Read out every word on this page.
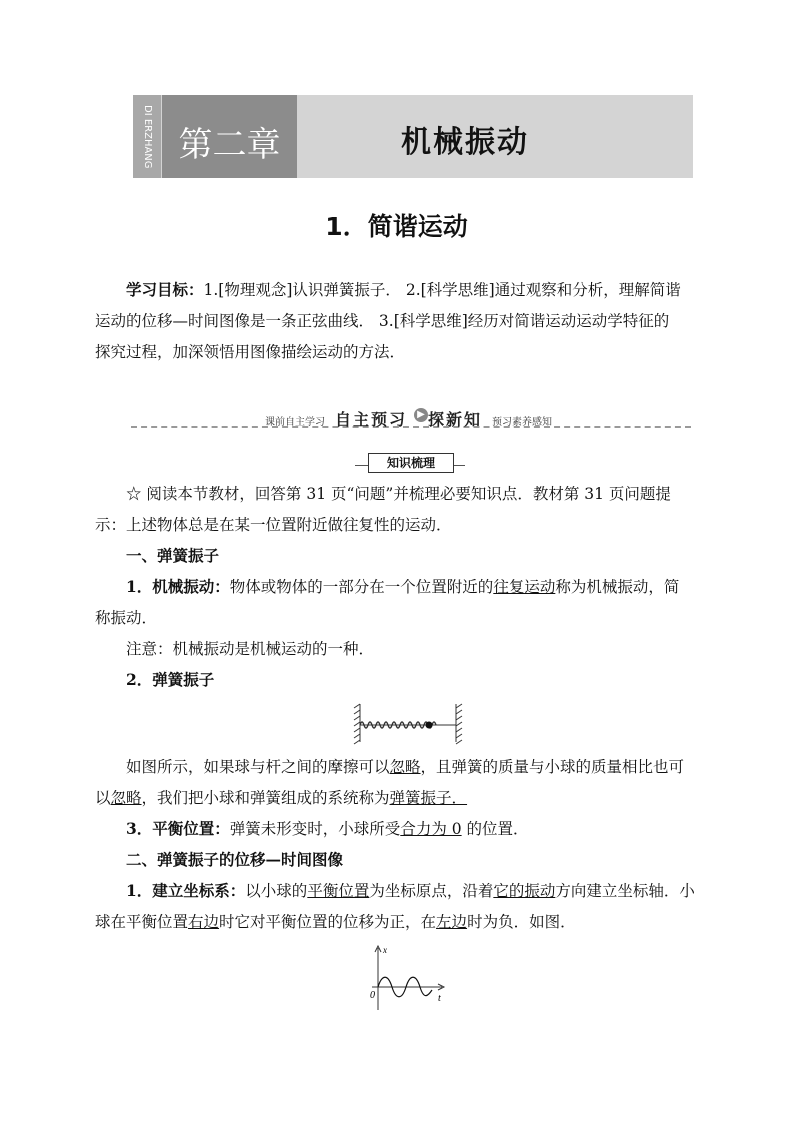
DI ERZHANG 第二章	机械振动
1．简谐运动
学习目标：1.[物理观念]认识弹簧振子． 2.[科学思维]通过观察和分析，理解简谐
运动的位移—时间图像是一条正弦曲线． 3.[科学思维]经历对简谐运动运动学特征的
探究过程，加深领悟用图像描绘运动的方法．
课前自主学习 自主预习	▶ 探新知 预习素养感知
知识梳理
☆ 阅读本节教材，回答第 31 页“问题”并梳理必要知识点．教材第 31 页问题提
示：上述物体总是在某一位置附近做往复性的运动．
一、弹簧振子
1．机械振动：物体或物体的一部分在一个位置附近的往复运动称为机械振动，简
称振动．
注意：机械振动是机械运动的一种．
2．弹簧振子
如图所示，如果球与杆之间的摩擦可以忽略，且弹簧的质量与小球的质量相比也可
以忽略，我们把小球和弹簧组成的系统称为弹簧振子．
3．平衡位置：弹簧未形变时，小球所受合力为 0 的位置．
二、弹簧振子的位移—时间图像
1．建立坐标系：以小球的平衡位置为坐标原点，沿着它的振动方向建立坐标轴．小
球在平衡位置右边时它对平衡位置的位移为正，在左边时为负．如图．
x
t
0
